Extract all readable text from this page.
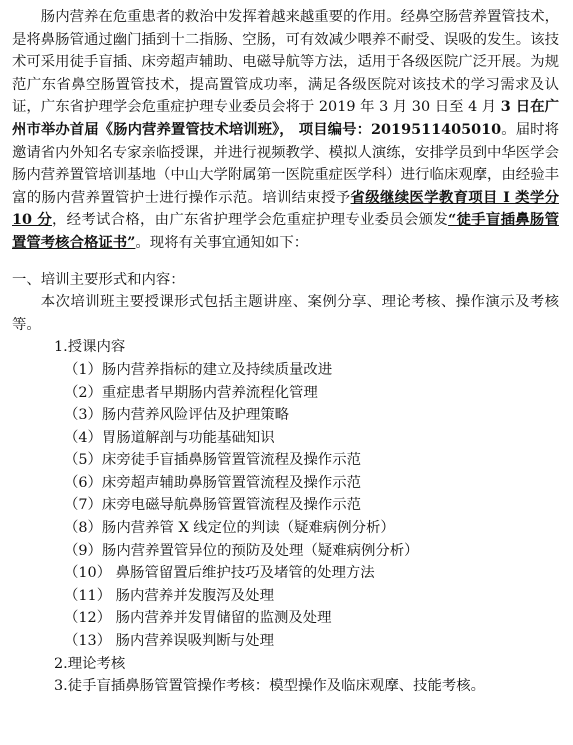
肠内营养在危重患者的救治中发挥着越来越重要的作用。经鼻空肠营养置管技术，是将鼻肠管通过幽门插到十二指肠、空肠，可有效减少喂养不耐受、误吸的发生。该技术可采用徒手盲插、床旁超声辅助、电磁导航等方法，适用于各级医院广泛开展。为规范广东省鼻空肠置管技术，提高置管成功率，满足各级医院对该技术的学习需求及认证，广东省护理学会危重症护理专业委员会将于 2019 年 3 月 30 日至 4 月 3 日在广州市举办首届《肠内营养置管技术培训班》， 项目编号：2019511405010。届时将邀请省内外知名专家亲临授课，并进行视频教学、模拟人演练，安排学员到中华医学会肠内营养置管培训基地（中山大学附属第一医院重症医学科）进行临床观摩，由经验丰富的肠内营养置管护士进行操作示范。培训结束授予省级继续医学教育项目 I 类学分 10 分，经考试合格，由广东省护理学会危重症护理专业委员会颁发“徒手盲插鼻肠管置管考核合格证书”。现将有关事宜通知如下：

一、培训主要形式和内容：

本次培训班主要授课形式包括主题讲座、案例分享、理论考核、操作演示及考核等。

1.授课内容

（1）肠内营养指标的建立及持续质量改进
（2）重症患者早期肠内营养流程化管理
（3）肠内营养风险评估及护理策略
（4）胃肠道解剖与功能基础知识
（5）床旁徒手盲插鼻肠管置管流程及操作示范
（6）床旁超声辅助鼻肠管置管流程及操作示范
（7）床旁电磁导航鼻肠管置管流程及操作示范
（8）肠内营养管 X 线定位的判读（疑难病例分析）
（9）肠内营养置管异位的预防及处理（疑难病例分析）
（10） 鼻肠管留置后维护技巧及堵管的处理方法
（11） 肠内营养并发腹泻及处理
（12） 肠内营养并发胃储留的监测及处理
（13） 肠内营养误吸判断与处理

2.理论考核

3.徒手盲插鼻肠管置管操作考核：模型操作及临床观摩、技能考核。
